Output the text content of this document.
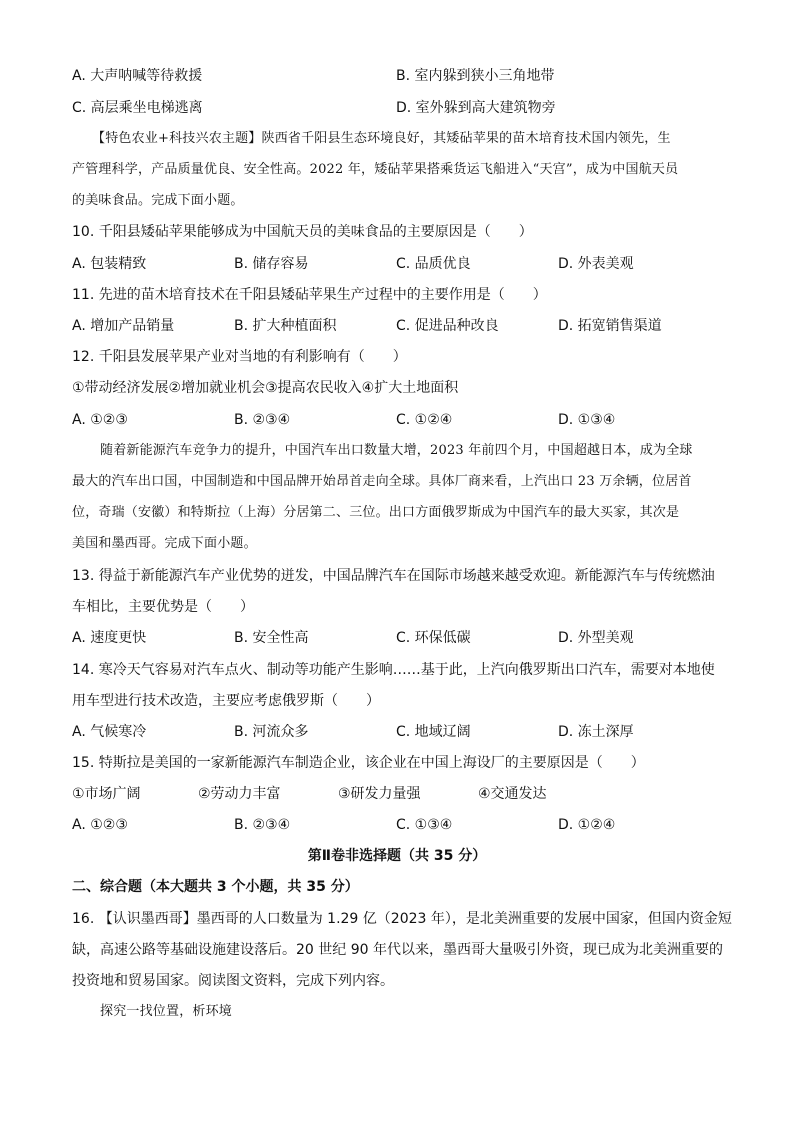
A. 大声呐喊等待救援	B. 室内躲到狭小三角地带
C. 高层乘坐电梯逃离	D. 室外躲到高大建筑物旁
【特色农业+科技兴农主题】陕西省千阳县生态环境良好，其矮砧苹果的苗木培育技术国内领先，生
产管理科学，产品质量优良、安全性高。2022 年，矮砧苹果搭乘货运飞船进入“天宫”，成为中国航天员
的美味食品。完成下面小题。
10. 千阳县矮砧苹果能够成为中国航天员的美味食品的主要原因是（　　）
A. 包装精致	B. 储存容易	C. 品质优良	D. 外表美观
11. 先进的苗木培育技术在千阳县矮砧苹果生产过程中的主要作用是（　　）
A. 增加产品销量	B. 扩大种植面积	C. 促进品种改良	D. 拓宽销售渠道
12. 千阳县发展苹果产业对当地的有利影响有（　　）
①带动经济发展②增加就业机会③提高农民收入④扩大土地面积
A. ①②③	B. ②③④	C. ①②④	D. ①③④
随着新能源汽车竞争力的提升，中国汽车出口数量大增，2023 年前四个月，中国超越日本，成为全球
最大的汽车出口国，中国制造和中国品牌开始昂首走向全球。具体厂商来看，上汽出口 23 万余辆，位居首
位，奇瑞（安徽）和特斯拉（上海）分居第二、三位。出口方面俄罗斯成为中国汽车的最大买家，其次是
美国和墨西哥。完成下面小题。
13. 得益于新能源汽车产业优势的迸发，中国品牌汽车在国际市场越来越受欢迎。新能源汽车与传统燃油
车相比，主要优势是（　　）
A. 速度更快	B. 安全性高	C. 环保低碳	D. 外型美观
14. 寒冷天气容易对汽车点火、制动等功能产生影响……基于此，上汽向俄罗斯出口汽车，需要对本地使
用车型进行技术改造，主要应考虑俄罗斯（　　）
A. 气候寒冷	B. 河流众多	C. 地域辽阔	D. 冻土深厚
15. 特斯拉是美国的一家新能源汽车制造企业，该企业在中国上海设厂的主要原因是（　　）
①市场广阔	②劳动力丰富	③研发力量强	④交通发达
A. ①②③	B. ②③④	C. ①③④	D. ①②④
第Ⅱ卷非选择题（共 35 分）
二、综合题（本大题共 3 个小题，共 35 分）
16. 【认识墨西哥】墨西哥的人口数量为 1.29 亿（2023 年），是北美洲重要的发展中国家，但国内资金短
缺，高速公路等基础设施建设落后。20 世纪 90 年代以来，墨西哥大量吸引外资，现已成为北美洲重要的
投资地和贸易国家。阅读图文资料，完成下列内容。
探究一找位置，析环境
